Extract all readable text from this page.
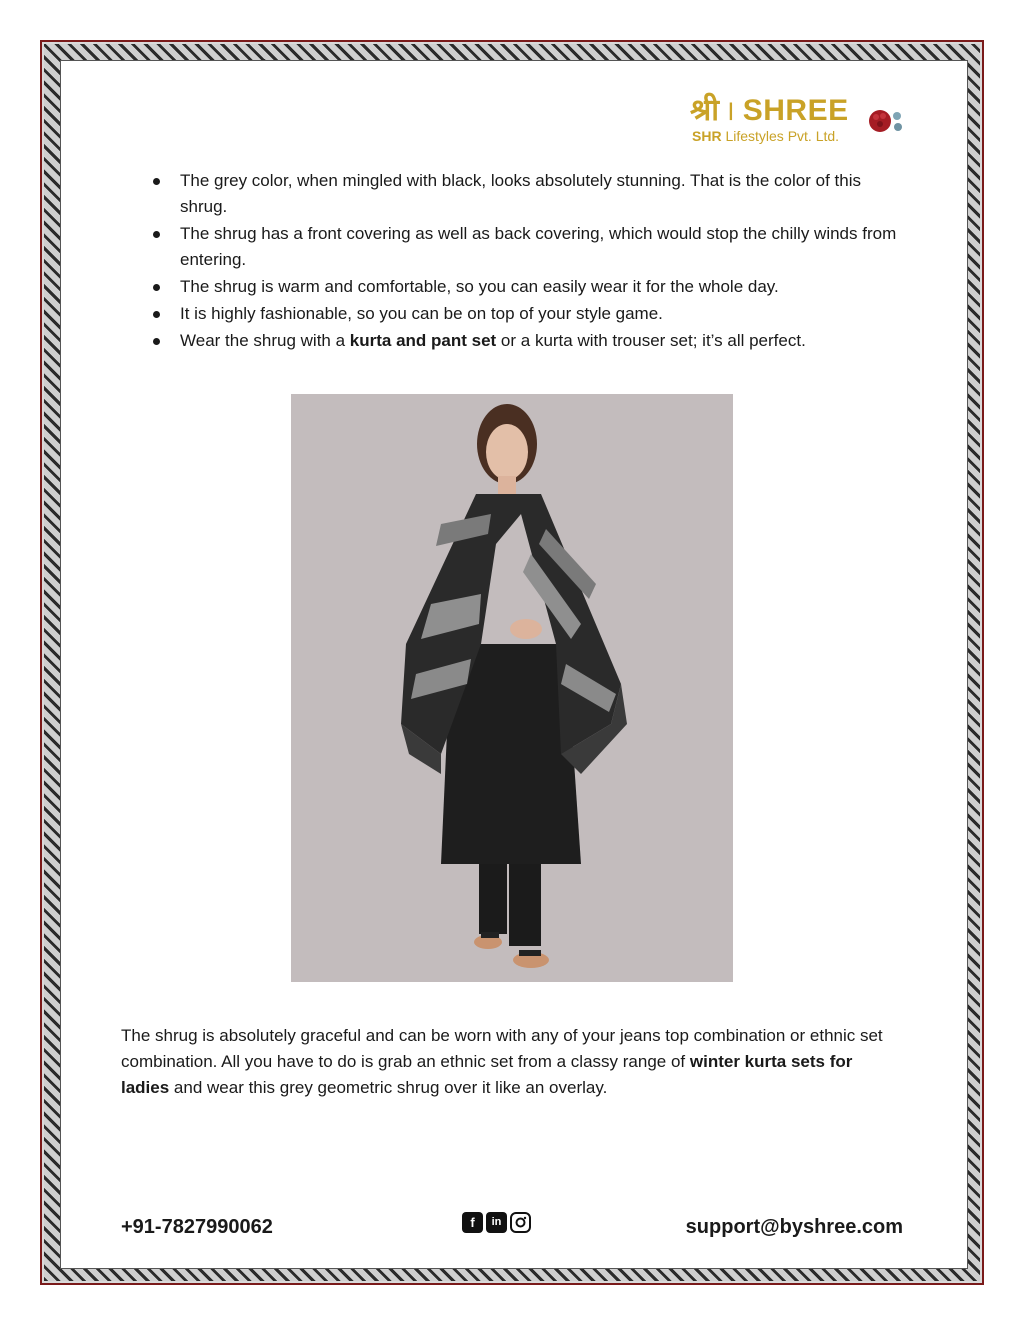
श्री | SHREE
SHR Lifestyles Pvt. Ltd.
The grey color, when mingled with black, looks absolutely stunning. That is the color of this shrug.
The shrug has a front covering as well as back covering, which would stop the chilly winds from entering.
The shrug is warm and comfortable, so you can easily wear it for the whole day.
It is highly fashionable, so you can be on top of your style game.
Wear the shrug with a kurta and pant set or a kurta with trouser set; it’s all perfect.

The shrug is absolutely graceful and can be worn with any of your jeans top combination or ethnic set combination. All you have to do is grab an ethnic set from a classy range of winter kurta sets for ladies and wear this grey geometric shrug over it like an overlay.

+91-7827990062	f	in	support@byshree.com
